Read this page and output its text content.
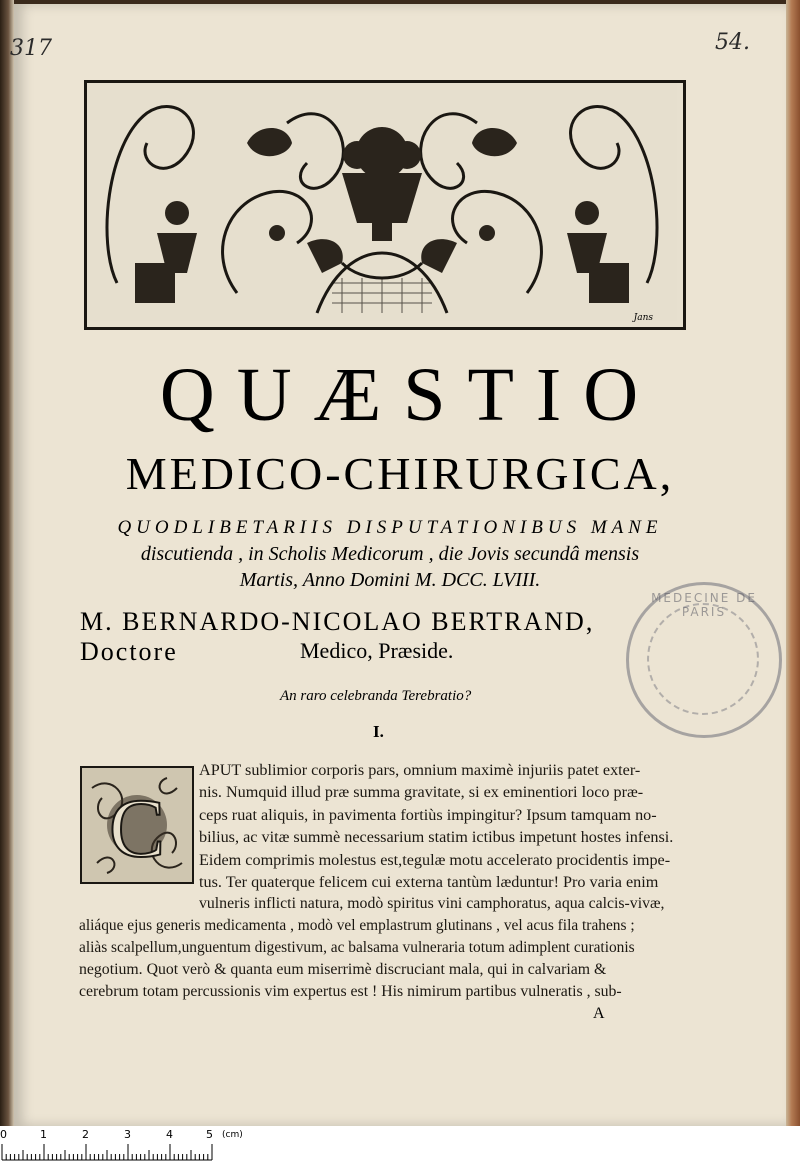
317	54.
Jans
QUÆSTIO
MEDICO-CHIRURGICA,
QUODLIBETARIIS DISPUTATIONIBUS MANE
discutienda , in Scholis Medicorum , die Jovis secundâ mensis
Martis, Anno Domini M. DCC. LVIII.
M. BERNARDO-NICOLAO BERTRAND, Doctore	Medico, Præside.
An raro celebranda Terebratio?
I.
MEDECINE DE PARIS
C
APUT sublimior corporis pars, omnium maximè injuriis patet exter-
nis. Numquid illud præ summa gravitate, si ex eminentiori loco præ-
ceps ruat aliquis, in pavimenta fortiùs impingitur? Ipsum tamquam no-
bilius, ac vitæ summè necessarium statim ictibus impetunt hostes infensi.
Eidem comprimis molestus est,tegulæ motu accelerato procidentis impe-
tus. Ter quaterque felicem cui externa tantùm læduntur! Pro varia enim
vulneris inflicti natura, modò spiritus vini camphoratus, aqua calcis-vivæ,
aliáque ejus generis medicamenta , modò vel emplastrum glutinans , vel acus fila trahens ;
aliàs scalpellum,unguentum digestivum, ac balsama vulneraria totum adimplent curationis
negotium. Quot verò & quanta eum miserrimè discruciant mala, qui in calvariam &
cerebrum totam percussionis vim expertus est ! His nimirum partibus vulneratis , sub-
A
0	1	2	3	4	5 (cm)
